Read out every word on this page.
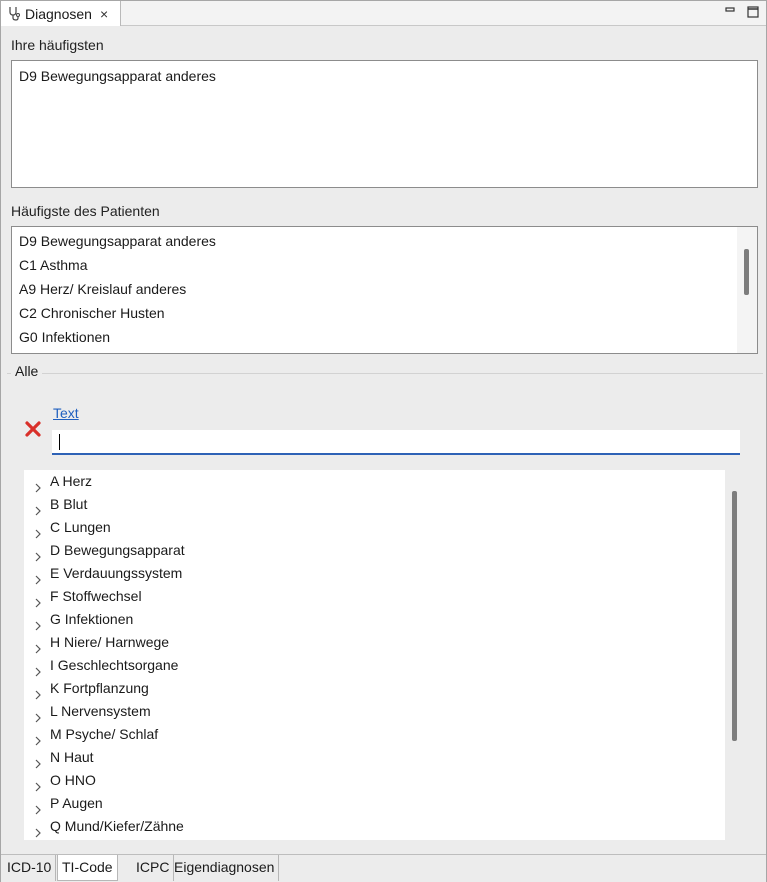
Diagnosen ×
Ihre häufigsten
D9 Bewegungsapparat anderes
Häufigste des Patienten
D9 Bewegungsapparat anderes
C1 Asthma
A9 Herz/ Kreislauf anderes
C2 Chronischer Husten
G0 Infektionen
Alle
Text
A Herz
B Blut
C Lungen
D Bewegungsapparat
E Verdauungssystem
F Stoffwechsel
G Infektionen
H Niere/ Harnwege
I Geschlechtsorgane
K Fortpflanzung
L Nervensystem
M Psyche/ Schlaf
N Haut
O HNO
P Augen
Q Mund/Kiefer/Zähne
ICD-10 TI-Code	ICPC Eigendiagnosen
